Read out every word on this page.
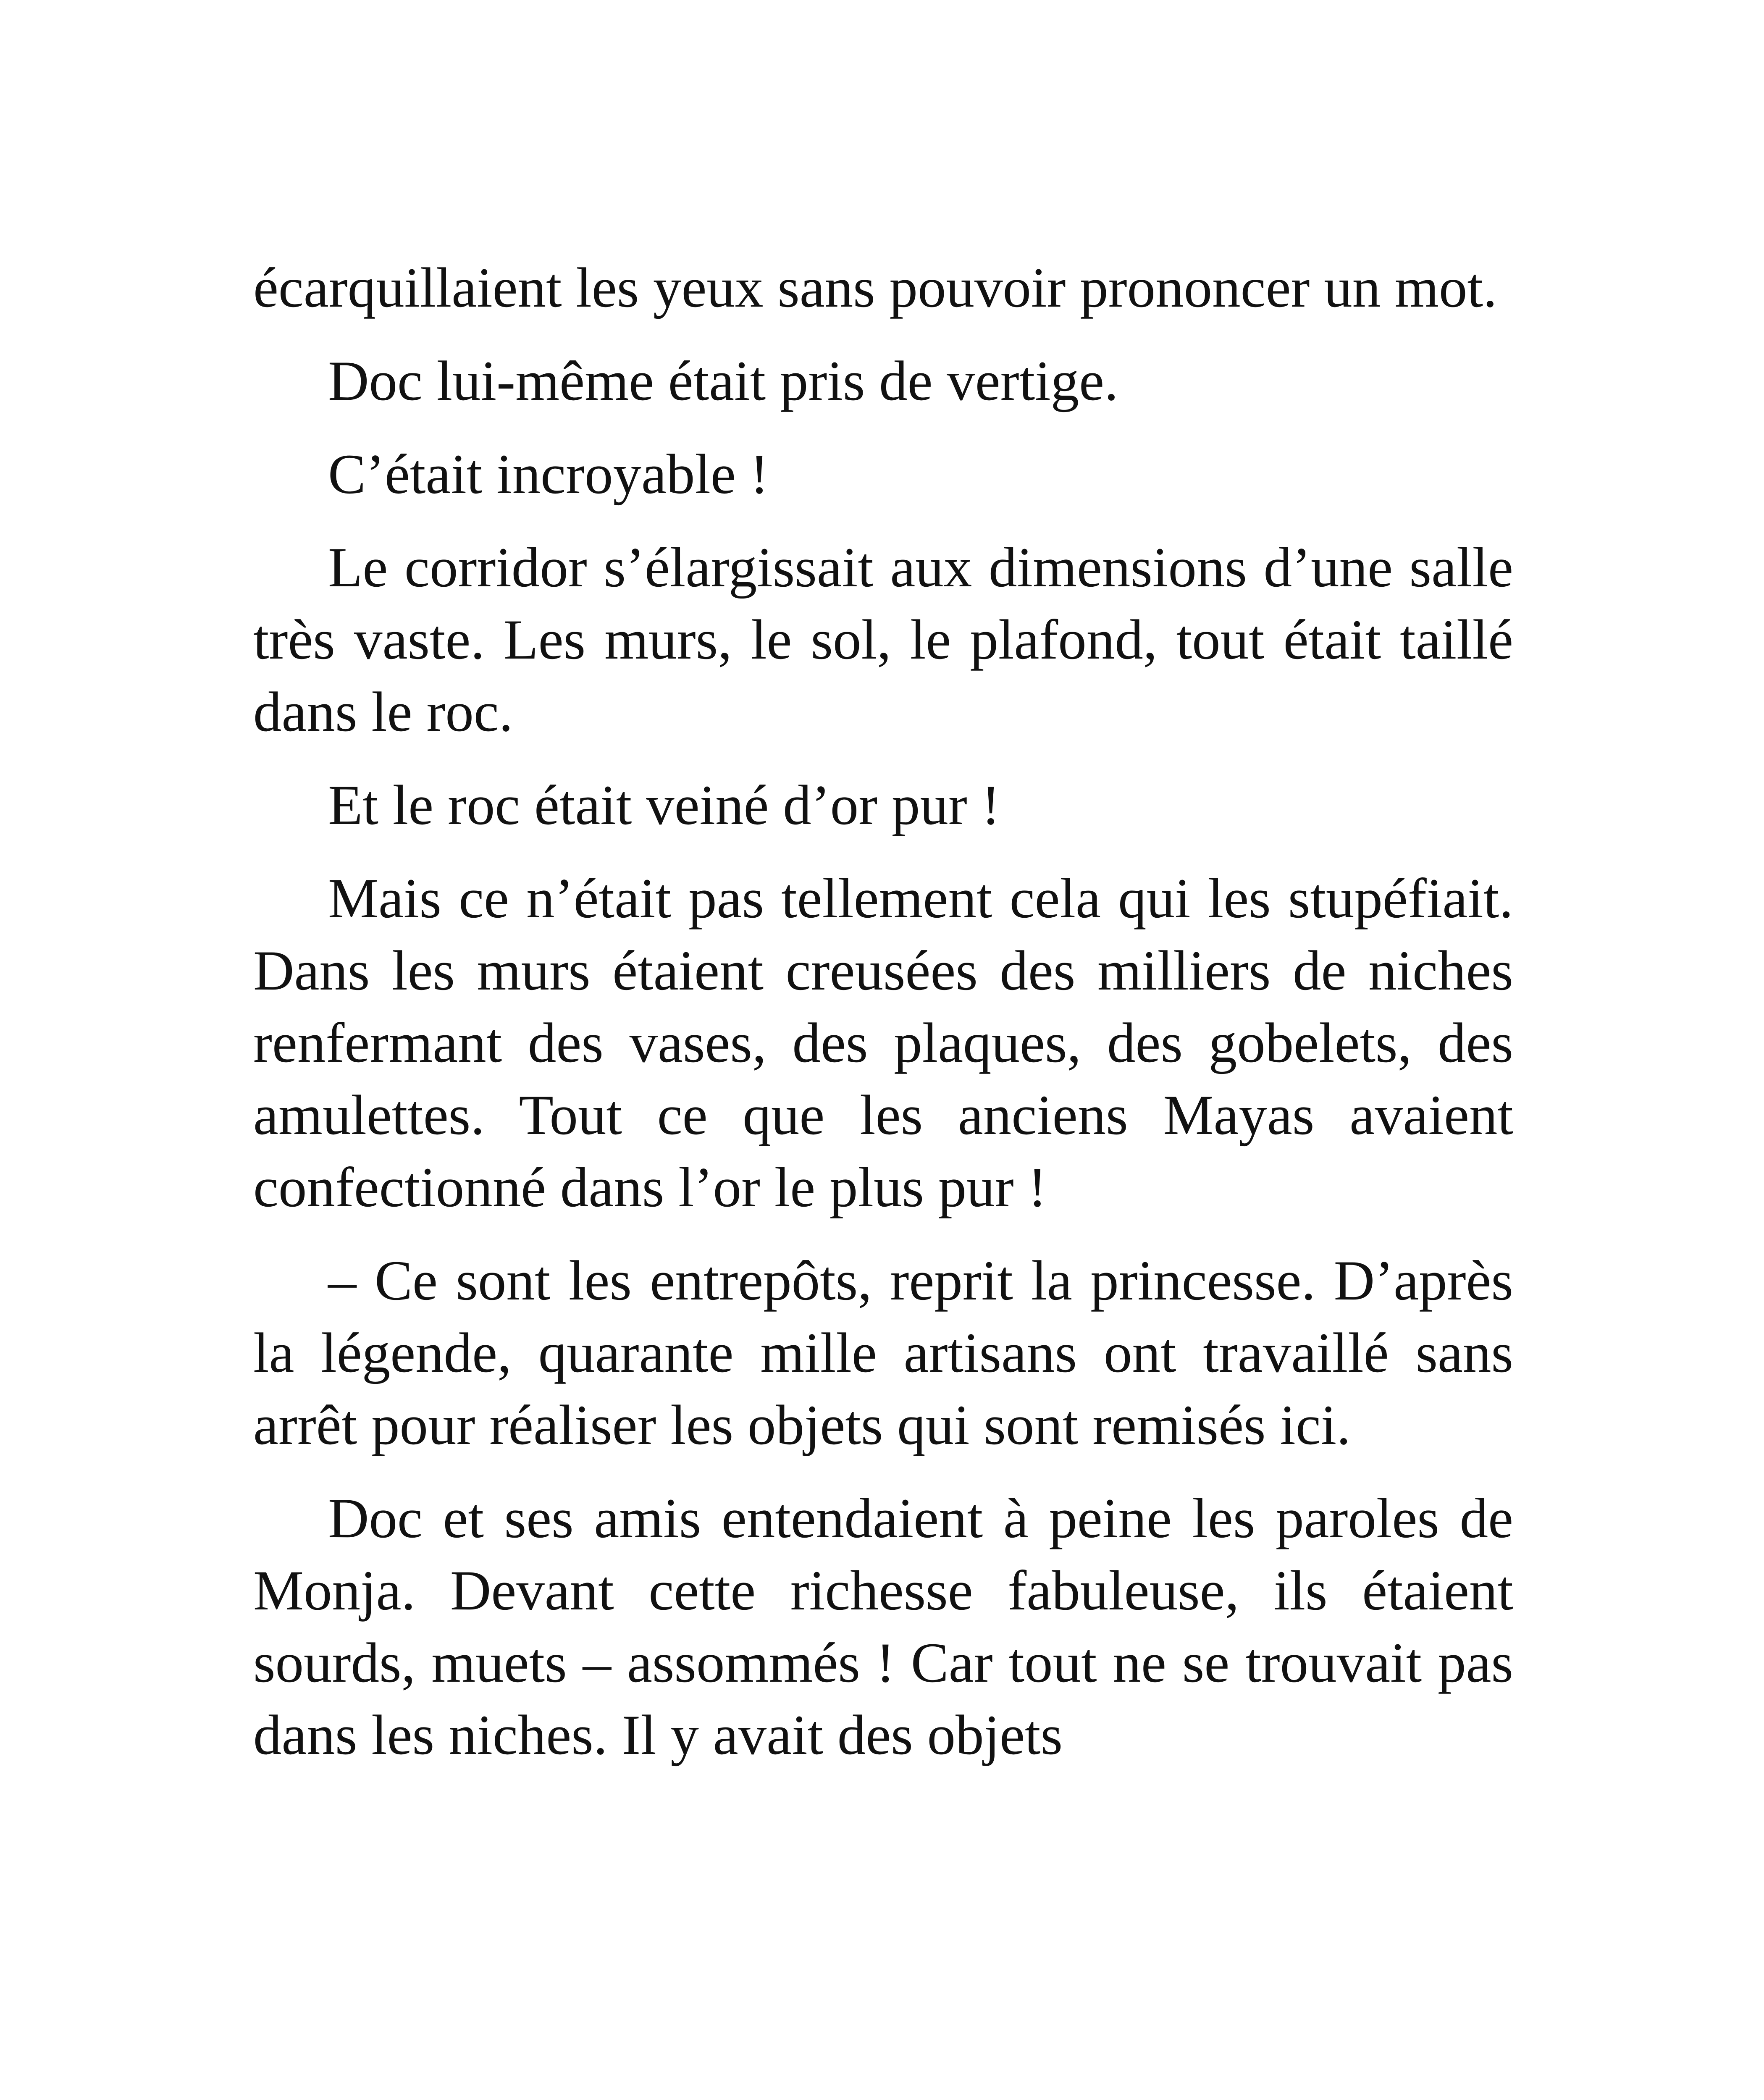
écarquillaient les yeux sans pouvoir prononcer un mot.

Doc lui-même était pris de vertige.

C’était incroyable !

Le corridor s’élargissait aux dimensions d’une salle très vaste. Les murs, le sol, le plafond, tout était taillé dans le roc.

Et le roc était veiné d’or pur !

Mais ce n’était pas tellement cela qui les stupéfiait. Dans les murs étaient creusées des milliers de niches renfermant des vases, des plaques, des gobelets, des amulettes. Tout ce que les anciens Mayas avaient confectionné dans l’or le plus pur !

– Ce sont les entrepôts, reprit la princesse. D’après la légende, quarante mille artisans ont travaillé sans arrêt pour réaliser les objets qui sont remisés ici.

Doc et ses amis entendaient à peine les paroles de Monja. Devant cette richesse fabuleuse, ils étaient sourds, muets – assommés ! Car tout ne se trouvait pas dans les niches. Il y avait des objets
